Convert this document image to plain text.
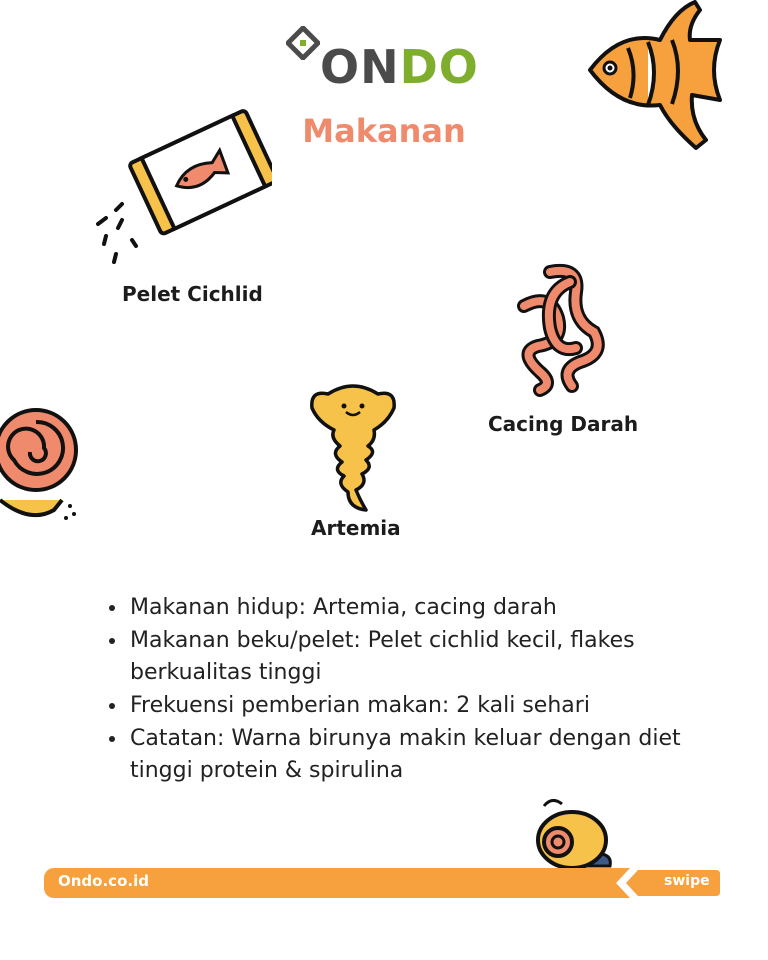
ONDO
Makanan
Pelet Cichlid
Cacing Darah
Artemia
• Makanan hidup: Artemia, cacing darah
• Makanan beku/pelet: Pelet cichlid kecil, flakes berkualitas tinggi
• Frekuensi pemberian makan: 2 kali sehari
• Catatan: Warna birunya makin keluar dengan diet tinggi protein & spirulina
Ondo.co.id	swipe
